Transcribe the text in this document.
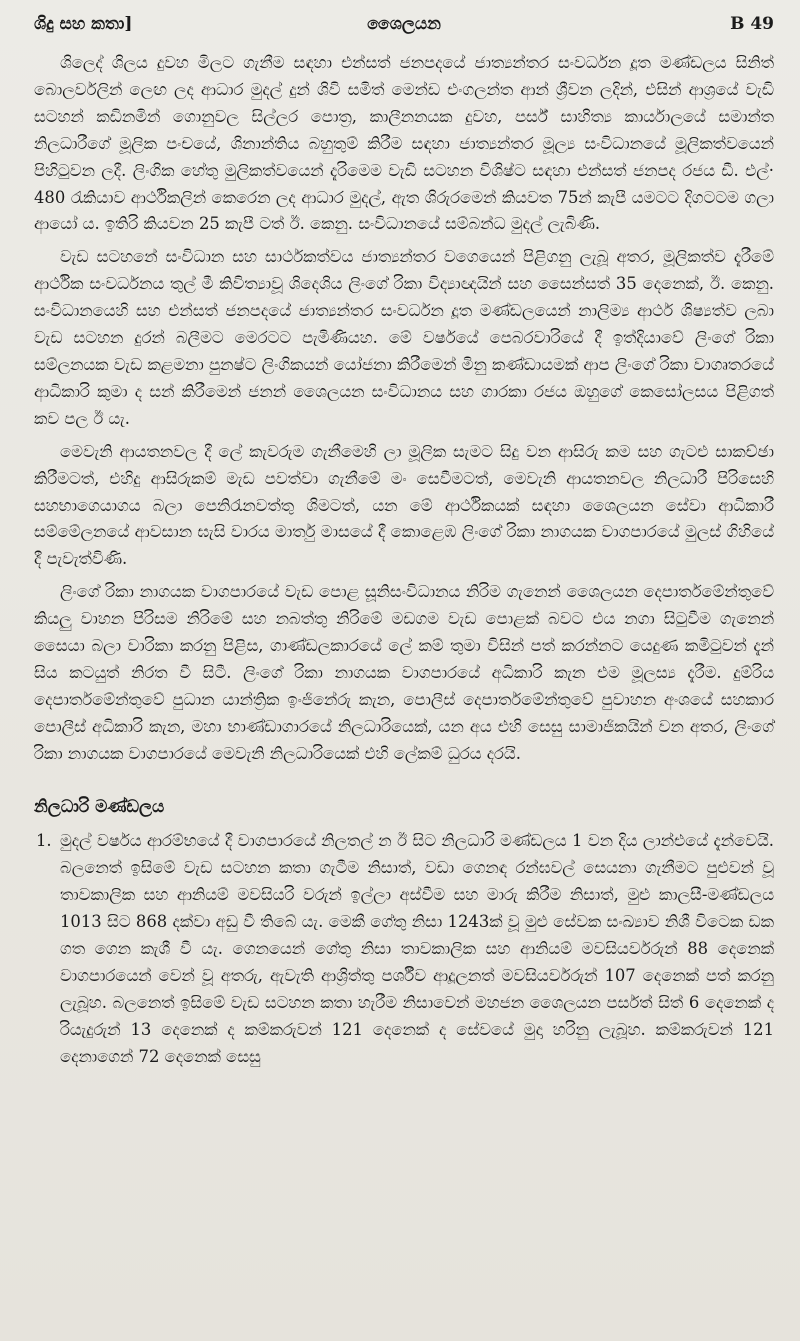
ශිදු සහ කතා]	ශෛලයන	B 49

ශිලෙද් ශිලය දුවහ මිලට ගැනීම සඳහා එන්සත් ජනපදයේ ජාත්‍යන්තර සංවර්ධන දූත මණ්ඩලය සිනිත් බොලර්වලින් ලෙඟ ලද ආධාර මුදල් දුන් ශිවි සමිත් මෙන්ඩ එංගලන්ත ආන් ශ්‍රීවන ලදින්, එසින් ආශ්‍රයේ වැඩි සටහන් කඩිනමින් ගොනුවල සිල්ලර පොත්‍ර, කාලීනනයක දුවහ, පර්ස් සාහිත්‍ය කාර්යාලයේ සමාන්ත නිලධාරීගේ මූලික පංචයේ, ශිනාන්තිය බහුතුම් කිරීම සඳහා ජාත්‍යන්තර මූල්‍ය සංවිධානයේ මූලිකත්වයෙන් පිහිටුවන ලදී. ලිංගික හේතු මුලිකත්වයෙන් දැරිමෙම වැඩි සටහන විශිෂ්ට සඳහා එන්සත් ජනපද රජය ඩී. එල්· 480 රැකියාව ආර්ථිකලින් කෙරෙන ලද ආධාර මුදල්, ඇත ශිරුරමෙන් කියවත 75න් කැපී යමටට දිගටටම ගලා ආයෝ ය. ඉතිරි කියවන 25 කැපී ටත් ඊ. කෙනු. සංවිධානයේ සම්බන්ධ මුදල් ලැබිණි.

වැඩ සටහනේ සංවිධාන සහ සාර්ථකත්වය ජාත්‍යන්තර වගෙයෙන් පිළිගනු ලැබූ අතර, මූලිකත්ව දැරීමේ ආර්ථික සංවර්ධනය තුල් මී කිවිත්‍යාවූ ශිදෙශිය ලිංගේ රිකා විද්‍යාඥයින් සහ සෛන්සත් 35 දෙනෙක්, ඊ. කෙනු. සංවිධානයෙහි සහ එන්සත් ජනපදයේ ජාත්‍යන්තර සංවර්ධන දූත මණ්ඩලයෙන් නාලිම්‍ය ආර්ථ ශිෂ්‍යත්ව ලබා වැඩ සටහන දුරන් බලීමට මෙරටට පැමිණියහ. මේ වර්ෂයේ පෙබරවාරියේ දී ඉත්දියාවේ ලිංගේ රිකා සම්ලනයක වැඩ කළමනා පුනෂ්ට ලිංගිකයන් යෝජනා කිරීමෙන් මිනු කණ්ඩායමක් ආප ලිංගේ රිකා වාගෘතරයේ ආධිකාරි කුමා ද සන් කිරීමෙන් ජනන් ශෛලයන සංවිධානය සහ ගාරකා රජය ඔහුගේ කෙසෝලසය පිළිගත් කව පල ඊ යැ.

මෙවැනි ආයතනවල දී ලේ කැවරුම ගැනීමෙහි ලා මූලික සැමට සිදු වන ආසිරු කම සහ ගැටළු සාකච්ඡා කිරීමටත්, එහිදු ආසිරුකම් මැඩ පවත්වා ගැනීමේ මං සෙවීමටත්, මෙවැනි ආයතනවල නිලධාරී පිරිසෙහි සහභාගෙයාගය බලා පෙනිරැනවත්තු ශිමටත්, යන මේ ආර්ථිකයක් සඳහා ශෛලයන සේවා ආධිකාරී සම්මේලනයේ ආවසාන ඝැසි වාරය මාර්තු මාසයේ දී කොළෙඹ ලිංගේ රිකා නාගයක වාගපාරයේ මුලස් ගිහියේ දී පැවැත්විණි.

ලිංගේ රිකා නාගයක වාගපාරයේ වැඩ පොළ සූනිසංවිධානය නිරිම ගැනෙන් ශෛලයන දෙපාර්තමේන්තුවේ කියලු වාහන පිරිසම නිරිමේ සහ නබත්තු නිරිමේ මඩගම වැඩ පොළක් බවට එය නගා සිටුවීම ගැනෙන් සෛයා බලා වාරිකා කරනු පිළිස, ගාණ්ඩලකාරයේ ලේ කම් තුමා විසින් පත් කරන්නට යෙදුණ කමිටුවන් දැන් සිය කටයුත් නිරත වී සිටී. ලිංගේ රිකා නාගයක වාගපාරයේ අධිකාරි කැන එම මූලස්‍ය දැරීම. දුම්රිය දෙපාර්තමේන්තුවේ පුධාන යාන්ත්‍රික ඉංජිනේරු කැන, පොලීස් දෙපාර්තමේන්තුවේ පුවාහන අංශයේ සහකාර පොලීස් අධිකාරි කැන, මහා භාණ්ඩාගාරයේ නිලධාරියෙක්, යන අය එහි සෙසු සාමාජිකයින් වන අතර, ලිංගේ රිකා නාගයක වාගපාරයේ මෙවැනි නිලධාරියෙක් එහි ලේකම් ධුරය දරයි.

නිලධාරි මණ්ඩලය
1. මුදල් වර්ෂය ආරම්භයේ දී වාගපාරයේ නිලතල් න ඊ සිට නිලධාරි මණ්ඩලය 1 වන දිය ලාන්එයේ දැන්වෙයි. බලනෙත් ඉසිමේ වැඩ සටහන කතා ගැටීම නිසාත්, වඩා ගෙනඳ රන්ඝවල් සෙයනා ගැනීමට පුළුවන් වූ තාවකාලික සහ ආනියම් මවසියරි වරුන් ඉල්ලා අස්වීම සහ මාරු කිරීම නිසාත්, මුළු කාලසී-මණ්ඩලය 1013 සිට 868 දක්වා අඩු වී තිබේ යැ. මෙකී ගේතු නිසා 1243ක් වූ මුළු සේවක සංඛ්‍යාව නිශී විටෙක ඩක ගත ගෙන කැශී වී යැ. ගෙනයෙන් ගේතු නිසා තාවකාලික සහ ආනියම් මවසියර්වරුන් 88 දෙනෙක් වාගපාරයෙන් වෙන් වූ අතරු, ඇවැති ආශ්‍රිත්තු පර්ශීව ආදූලනත් මවසියර්වරුන් 107 දෙනෙක් පත් කරනු ලැබූහ. බලනෙත් ඉසිමේ වැඩ සටහන කතා හැරීම නිසාවෙන් මහජන ශෛලයන පර්සත් සිත් 6 දෙනෙක් ද රියැදුරුන් 13 දෙනෙක් ද කම්කරුවන් 121 දෙනෙක් ද සේවයේ මුදා හරිනු ලැබූහ. කම්කරුවන් 121 දෙනාගෙන් 72 දෙනෙක් සෙසු
